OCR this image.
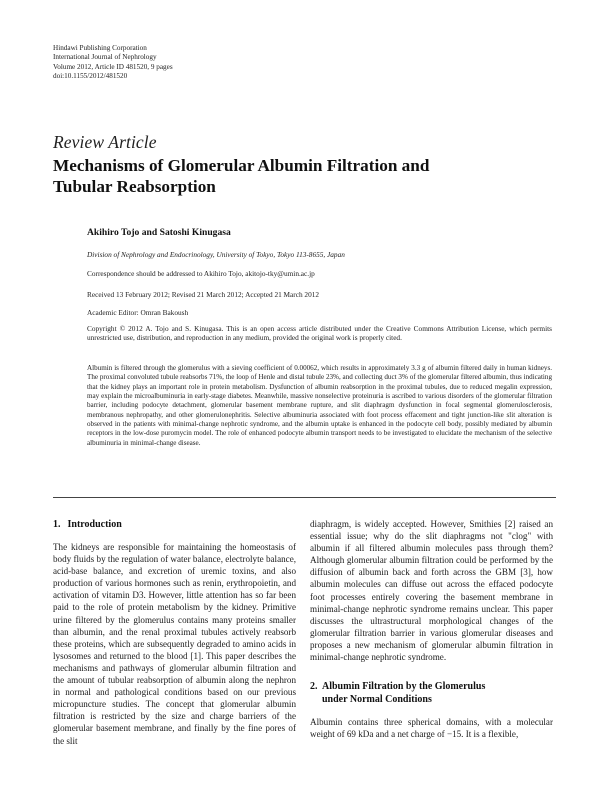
Hindawi Publishing Corporation
International Journal of Nephrology
Volume 2012, Article ID 481520, 9 pages
doi:10.1155/2012/481520
Review Article
Mechanisms of Glomerular Albumin Filtration and
Tubular Reabsorption
Akihiro Tojo and Satoshi Kinugasa
Division of Nephrology and Endocrinology, University of Tokyo, Tokyo 113-8655, Japan
Correspondence should be addressed to Akihiro Tojo, akitojo-tky@umin.ac.jp
Received 13 February 2012; Revised 21 March 2012; Accepted 21 March 2012
Academic Editor: Omran Bakoush
Copyright © 2012 A. Tojo and S. Kinugasa. This is an open access article distributed under the Creative Commons Attribution License, which permits unrestricted use, distribution, and reproduction in any medium, provided the original work is properly cited.
Albumin is filtered through the glomerulus with a sieving coefficient of 0.00062, which results in approximately 3.3 g of albumin filtered daily in human kidneys. The proximal convoluted tubule reabsorbs 71%, the loop of Henle and distal tubule 23%, and collecting duct 3% of the glomerular filtered albumin, thus indicating that the kidney plays an important role in protein metabolism. Dysfunction of albumin reabsorption in the proximal tubules, due to reduced megalin expression, may explain the microalbuminuria in early-stage diabetes. Meanwhile, massive nonselective proteinuria is ascribed to various disorders of the glomerular filtration barrier, including podocyte detachment, glomerular basement membrane rupture, and slit diaphragm dysfunction in focal segmental glomerulosclerosis, membranous nephropathy, and other glomerulonephritis. Selective albuminuria associated with foot process effacement and tight junction-like slit alteration is observed in the patients with minimal-change nephrotic syndrome, and the albumin uptake is enhanced in the podocyte cell body, possibly mediated by albumin receptors in the low-dose puromycin model. The role of enhanced podocyte albumin transport needs to be investigated to elucidate the mechanism of the selective albuminuria in minimal-change disease.
1. Introduction

The kidneys are responsible for maintaining the homeostasis of body fluids by the regulation of water balance, electrolyte balance, acid-base balance, and excretion of uremic toxins, and also production of various hormones such as renin, erythropoietin, and activation of vitamin D3. However, little attention has so far been paid to the role of protein metabolism by the kidney. Primitive urine filtered by the glomerulus contains many proteins smaller than albumin, and the renal proximal tubules actively reabsorb these proteins, which are subsequently degraded to amino acids in lysosomes and returned to the blood [1]. This paper describes the mechanisms and pathways of glomerular albumin filtration and the amount of tubular reabsorption of albumin along the nephron in normal and pathological conditions based on our previous micropuncture studies. The concept that glomerular albumin filtration is restricted by the size and charge barriers of the glomerular basement membrane, and finally by the fine pores of the slit

diaphragm, is widely accepted. However, Smithies [2] raised an essential issue; why do the slit diaphragms not "clog" with albumin if all filtered albumin molecules pass through them? Although glomerular albumin filtration could be performed by the diffusion of albumin back and forth across the GBM [3], how albumin molecules can diffuse out across the effaced podocyte foot processes entirely covering the basement membrane in minimal-change nephrotic syndrome remains unclear. This paper discusses the ultrastructural morphological changes of the glomerular filtration barrier in various glomerular diseases and proposes a new mechanism of glomerular albumin filtration in minimal-change nephrotic syndrome.

2. Albumin Filtration by the Glomerulus
under Normal Conditions

Albumin contains three spherical domains, with a molecular weight of 69 kDa and a net charge of −15. It is a flexible,
